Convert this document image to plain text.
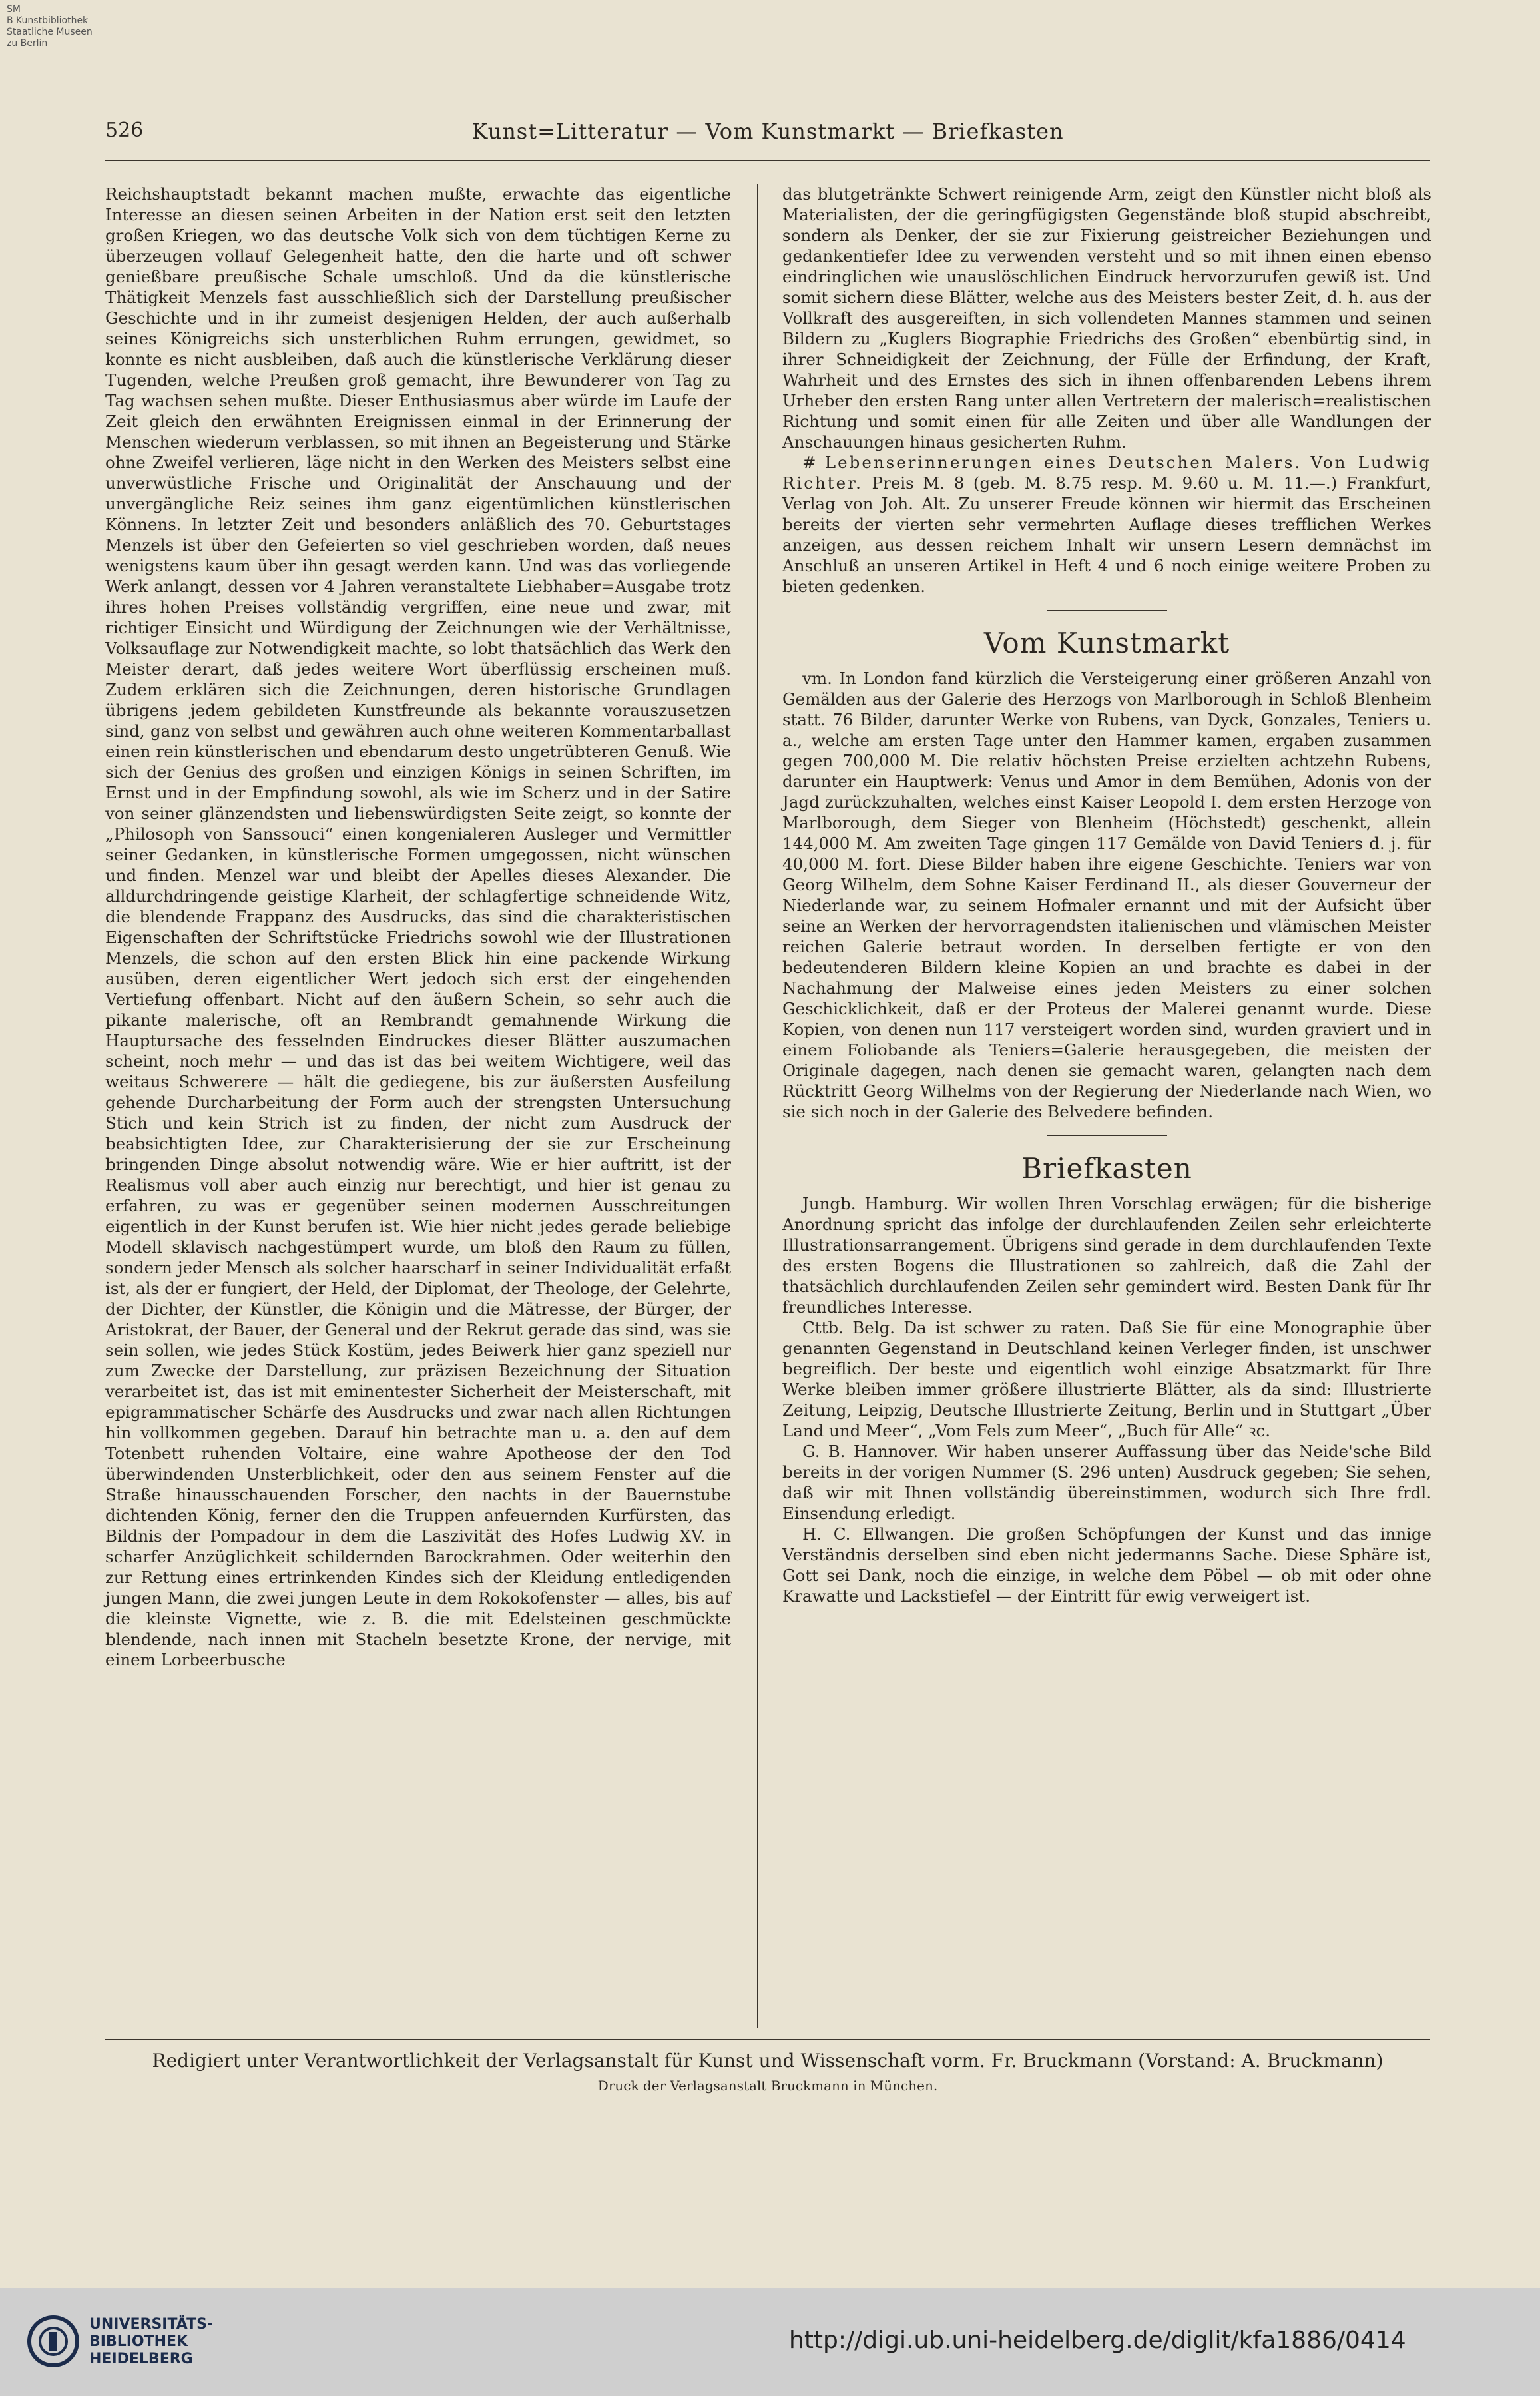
SM
B Kunstbibliothek
Staatliche Museen
zu Berlin
526	Kunst=Litteratur — Vom Kunstmarkt — Briefkasten

Reichshauptstadt bekannt machen mußte, erwachte das eigentliche Interesse an diesen seinen Arbeiten in der Nation erst seit den letzten großen Kriegen, wo das deutsche Volk sich von dem tüchtigen Kerne zu überzeugen vollauf Gelegenheit hatte, den die harte und oft schwer genießbare preußische Schale umschloß. Und da die künstlerische Thätigkeit Menzels fast ausschließlich sich der Darstellung preußischer Geschichte und in ihr zumeist desjenigen Helden, der auch außerhalb seines Königreichs sich unsterblichen Ruhm errungen, gewidmet, so konnte es nicht ausbleiben, daß auch die künstlerische Verklärung dieser Tugenden, welche Preußen groß gemacht, ihre Bewunderer von Tag zu Tag wachsen sehen mußte. Dieser Enthusiasmus aber würde im Laufe der Zeit gleich den erwähnten Ereignissen einmal in der Erinnerung der Menschen wiederum verblassen, so mit ihnen an Begeisterung und Stärke ohne Zweifel verlieren, läge nicht in den Werken des Meisters selbst eine unverwüstliche Frische und Originalität der Anschauung und der unvergängliche Reiz seines ihm ganz eigentümlichen künstlerischen Könnens. In letzter Zeit und besonders anläßlich des 70. Geburtstages Menzels ist über den Gefeierten so viel geschrieben worden, daß neues wenigstens kaum über ihn gesagt werden kann. Und was das vorliegende Werk anlangt, dessen vor 4 Jahren veranstaltete Liebhaber=Ausgabe trotz ihres hohen Preises vollständig vergriffen, eine neue und zwar, mit richtiger Einsicht und Würdigung der Zeichnungen wie der Verhältnisse, Volksauflage zur Notwendigkeit machte, so lobt thatsächlich das Werk den Meister derart, daß jedes weitere Wort überflüssig erscheinen muß. Zudem erklären sich die Zeichnungen, deren historische Grundlagen übrigens jedem gebildeten Kunstfreunde als bekannte vorauszusetzen sind, ganz von selbst und gewähren auch ohne weiteren Kommentarballast einen rein künstlerischen und ebendarum desto ungetrübteren Genuß. Wie sich der Genius des großen und einzigen Königs in seinen Schriften, im Ernst und in der Empfindung sowohl, als wie im Scherz und in der Satire von seiner glänzendsten und liebenswürdigsten Seite zeigt, so konnte der „Philosoph von Sanssouci“ einen kongenialeren Ausleger und Vermittler seiner Gedanken, in künstlerische Formen umgegossen, nicht wünschen und finden. Menzel war und bleibt der Apelles dieses Alexander. Die alldurchdringende geistige Klarheit, der schlagfertige schneidende Witz, die blendende Frappanz des Ausdrucks, das sind die charakteristischen Eigenschaften der Schriftstücke Friedrichs sowohl wie der Illustrationen Menzels, die schon auf den ersten Blick hin eine packende Wirkung ausüben, deren eigentlicher Wert jedoch sich erst der eingehenden Vertiefung offenbart. Nicht auf den äußern Schein, so sehr auch die pikante malerische, oft an Rembrandt gemahnende Wirkung die Hauptursache des fesselnden Eindruckes dieser Blätter auszumachen scheint, noch mehr — und das ist das bei weitem Wichtigere, weil das weitaus Schwerere — hält die gediegene, bis zur äußersten Ausfeilung gehende Durcharbeitung der Form auch der strengsten Untersuchung Stich und kein Strich ist zu finden, der nicht zum Ausdruck der beabsichtigten Idee, zur Charakterisierung der sie zur Erscheinung bringenden Dinge absolut notwendig wäre. Wie er hier auftritt, ist der Realismus voll aber auch einzig nur berechtigt, und hier ist genau zu erfahren, zu was er gegenüber seinen modernen Ausschreitungen eigentlich in der Kunst berufen ist. Wie hier nicht jedes gerade beliebige Modell sklavisch nachgestümpert wurde, um bloß den Raum zu füllen, sondern jeder Mensch als solcher haarscharf in seiner Individualität erfaßt ist, als der er fungiert, der Held, der Diplomat, der Theologe, der Gelehrte, der Dichter, der Künstler, die Königin und die Mätresse, der Bürger, der Aristokrat, der Bauer, der General und der Rekrut gerade das sind, was sie sein sollen, wie jedes Stück Kostüm, jedes Beiwerk hier ganz speziell nur zum Zwecke der Darstellung, zur präzisen Bezeichnung der Situation verarbeitet ist, das ist mit eminentester Sicherheit der Meisterschaft, mit epigrammatischer Schärfe des Ausdrucks und zwar nach allen Richtungen hin vollkommen gegeben. Darauf hin betrachte man u. a. den auf dem Totenbett ruhenden Voltaire, eine wahre Apotheose der den Tod überwindenden Unsterblichkeit, oder den aus seinem Fenster auf die Straße hinausschauenden Forscher, den nachts in der Bauernstube dichtenden König, ferner den die Truppen anfeuernden Kurfürsten, das Bildnis der Pompadour in dem die Laszivität des Hofes Ludwig XV. in scharfer Anzüglichkeit schildernden Barockrahmen. Oder weiterhin den zur Rettung eines ertrinkenden Kindes sich der Kleidung entledigenden jungen Mann, die zwei jungen Leute in dem Rokokofenster — alles, bis auf die kleinste Vignette, wie z. B. die mit Edelsteinen geschmückte blendende, nach innen mit Stacheln besetzte Krone, der nervige, mit einem Lorbeerbusche

das blutgetränkte Schwert reinigende Arm, zeigt den Künstler nicht bloß als Materialisten, der die geringfügigsten Gegenstände bloß stupid abschreibt, sondern als Denker, der sie zur Fixierung geistreicher Beziehungen und gedankentiefer Idee zu verwenden versteht und so mit ihnen einen ebenso eindringlichen wie unauslöschlichen Eindruck hervorzurufen gewiß ist. Und somit sichern diese Blätter, welche aus des Meisters bester Zeit, d. h. aus der Vollkraft des ausgereiften, in sich vollendeten Mannes stammen und seinen Bildern zu „Kuglers Biographie Friedrichs des Großen“ ebenbürtig sind, in ihrer Schneidigkeit der Zeichnung, der Fülle der Erfindung, der Kraft, Wahrheit und des Ernstes des sich in ihnen offenbarenden Lebens ihrem Urheber den ersten Rang unter allen Vertretern der malerisch=realistischen Richtung und somit einen für alle Zeiten und über alle Wandlungen der Anschauungen hinaus gesicherten Ruhm.

# Lebenserinnerungen eines Deutschen Malers. Von Ludwig Richter. Preis M. 8 (geb. M. 8.75 resp. M. 9.60 u. M. 11.—.) Frankfurt, Verlag von Joh. Alt. Zu unserer Freude können wir hiermit das Erscheinen bereits der vierten sehr vermehrten Auflage dieses trefflichen Werkes anzeigen, aus dessen reichem Inhalt wir unsern Lesern demnächst im Anschluß an unseren Artikel in Heft 4 und 6 noch einige weitere Proben zu bieten gedenken.

Vom Kunstmarkt

vm. In London fand kürzlich die Versteigerung einer größeren Anzahl von Gemälden aus der Galerie des Herzogs von Marlborough in Schloß Blenheim statt. 76 Bilder, darunter Werke von Rubens, van Dyck, Gonzales, Teniers u. a., welche am ersten Tage unter den Hammer kamen, ergaben zusammen gegen 700,000 M. Die relativ höchsten Preise erzielten achtzehn Rubens, darunter ein Hauptwerk: Venus und Amor in dem Bemühen, Adonis von der Jagd zurückzuhalten, welches einst Kaiser Leopold I. dem ersten Herzoge von Marlborough, dem Sieger von Blenheim (Höchstedt) geschenkt, allein 144,000 M. Am zweiten Tage gingen 117 Gemälde von David Teniers d. j. für 40,000 M. fort. Diese Bilder haben ihre eigene Geschichte. Teniers war von Georg Wilhelm, dem Sohne Kaiser Ferdinand II., als dieser Gouverneur der Niederlande war, zu seinem Hofmaler ernannt und mit der Aufsicht über seine an Werken der hervorragendsten italienischen und vlämischen Meister reichen Galerie betraut worden. In derselben fertigte er von den bedeutenderen Bildern kleine Kopien an und brachte es dabei in der Nachahmung der Malweise eines jeden Meisters zu einer solchen Geschicklichkeit, daß er der Proteus der Malerei genannt wurde. Diese Kopien, von denen nun 117 versteigert worden sind, wurden graviert und in einem Foliobande als Teniers=Galerie herausgegeben, die meisten der Originale dagegen, nach denen sie gemacht waren, gelangten nach dem Rücktritt Georg Wilhelms von der Regierung der Niederlande nach Wien, wo sie sich noch in der Galerie des Belvedere befinden.

Briefkasten

Jungb. Hamburg. Wir wollen Ihren Vorschlag erwägen; für die bisherige Anordnung spricht das infolge der durchlaufenden Zeilen sehr erleichterte Illustrationsarrangement. Übrigens sind gerade in dem durchlaufenden Texte des ersten Bogens die Illustrationen so zahlreich, daß die Zahl der thatsächlich durchlaufenden Zeilen sehr gemindert wird. Besten Dank für Ihr freundliches Interesse.

Cttb. Belg. Da ist schwer zu raten. Daß Sie für eine Monographie über genannten Gegenstand in Deutschland keinen Verleger finden, ist unschwer begreiflich. Der beste und eigentlich wohl einzige Absatzmarkt für Ihre Werke bleiben immer größere illustrierte Blätter, als da sind: Illustrierte Zeitung, Leipzig, Deutsche Illustrierte Zeitung, Berlin und in Stuttgart „Über Land und Meer“, „Vom Fels zum Meer“, „Buch für Alle“ ꝛc.

G. B. Hannover. Wir haben unserer Auffassung über das Neide'sche Bild bereits in der vorigen Nummer (S. 296 unten) Ausdruck gegeben; Sie sehen, daß wir mit Ihnen vollständig übereinstimmen, wodurch sich Ihre frdl. Einsendung erledigt.

H. C. Ellwangen. Die großen Schöpfungen der Kunst und das innige Verständnis derselben sind eben nicht jedermanns Sache. Diese Sphäre ist, Gott sei Dank, noch die einzige, in welche dem Pöbel — ob mit oder ohne Krawatte und Lackstiefel — der Eintritt für ewig verweigert ist.

Redigiert unter Verantwortlichkeit der Verlagsanstalt für Kunst und Wissenschaft vorm. Fr. Bruckmann (Vorstand: A. Bruckmann)
Druck der Verlagsanstalt Bruckmann in München.
UNIVERSITÄTS-
BIBLIOTHEK
HEIDELBERG
http://digi.ub.uni-heidelberg.de/diglit/kfa1886/0414
